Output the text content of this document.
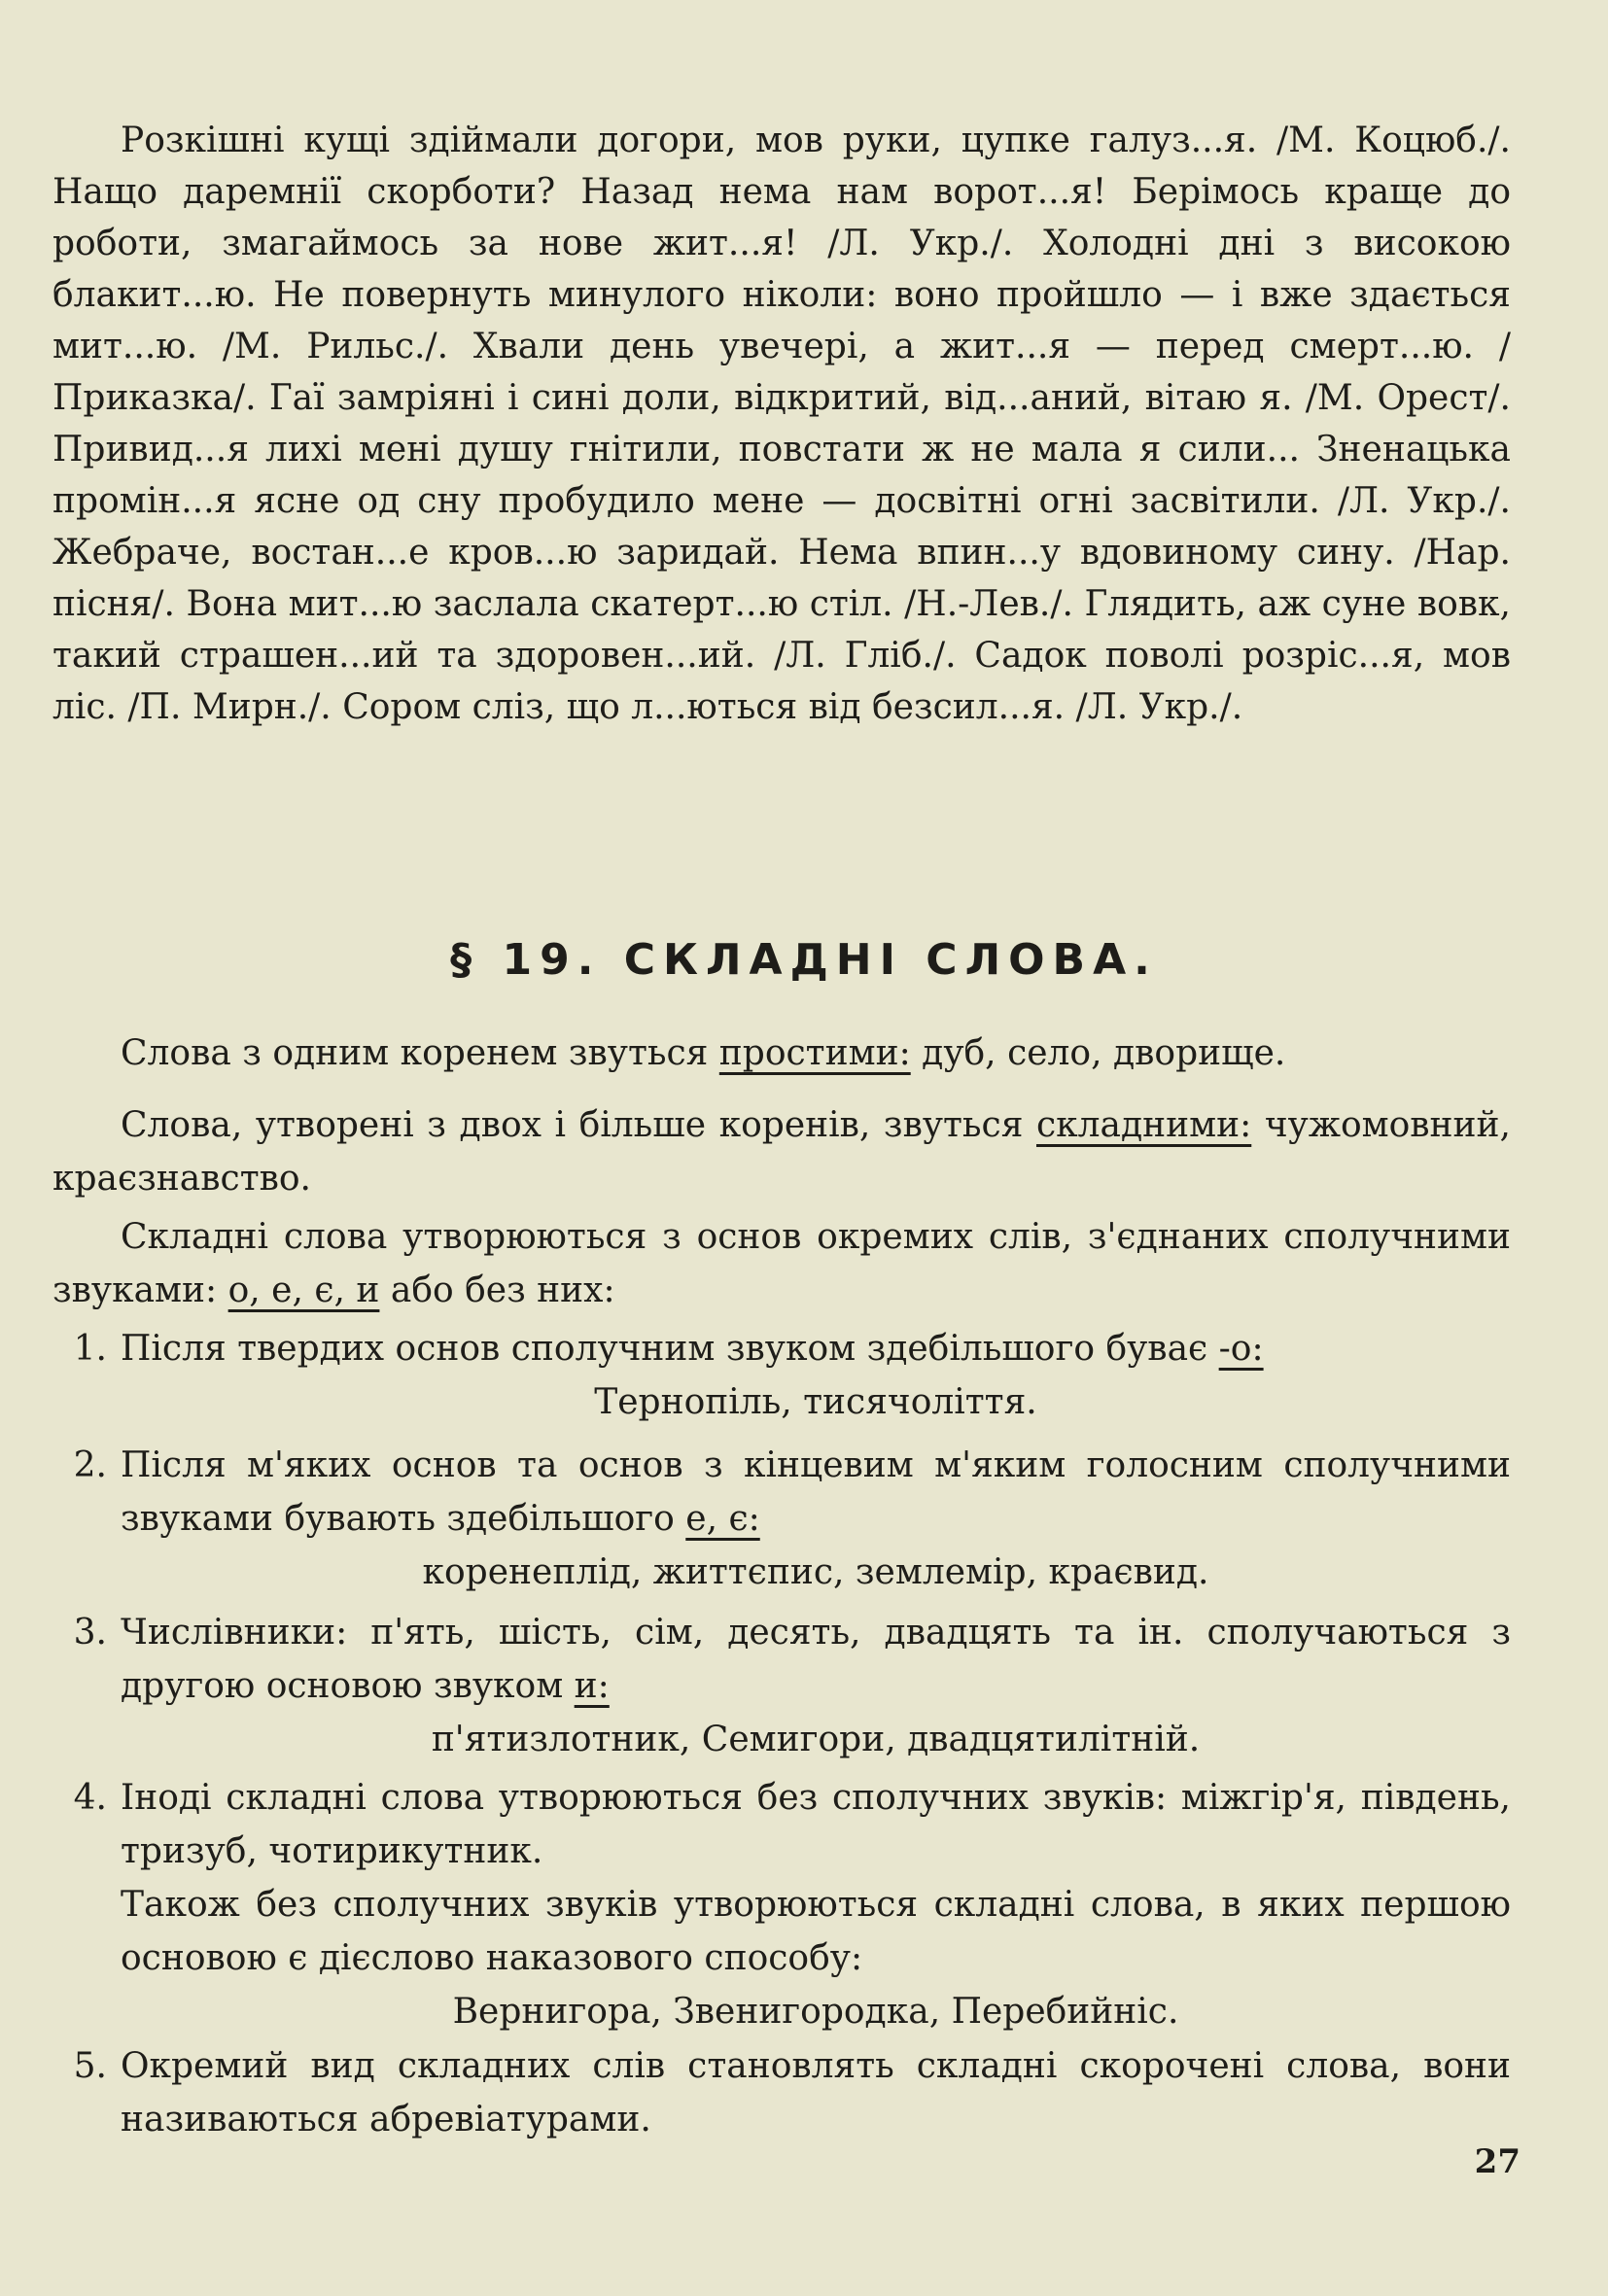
Розкішні кущі здіймали догори, мов руки, цупке галуз...я. /М. Коцюб./. Нащо даремнії скорботи? Назад нема нам ворот...я! Берімось краще до роботи, змагаймось за нове жит...я! /Л. Укр./. Холодні дні з високою блакит...ю. Не повернуть минулого ніколи: воно пройшло — і вже здається мит...ю. /М. Рильс./. Хвали день увечері, а жит...я — перед смерт...ю. /Приказка/. Гаї замріяні і сині доли, відкритий, від...аний, вітаю я. /М. Орест/. Привид...я лихі мені душу гнітили, повстати ж не мала я сили... Зненацька промін...я ясне од сну пробудило мене — досвітні огні засвітили. /Л. Укр./. Жебраче, востан...е кров...ю заридай. Нема впин...у вдовиному сину. /Нар. пісня/. Вона мит...ю заслала скатерт...ю стіл. /Н.-Лев./. Глядить, аж суне вовк, такий страшен...ий та здоровен...ий. /Л. Гліб./. Садок поволі розріс...я, мов ліс. /П. Мирн./. Сором сліз, що л...ються від безсил...я. /Л. Укр./.

§ 19. СКЛАДНІ СЛОВА.

Слова з одним коренем звуться простими: дуб, село, дворище.

Слова, утворені з двох і більше коренів, звуться складними: чужомовний, краєзнавство.

Складні слова утворюються з основ окремих слів, з'єднаних сполучними звуками: о, е, є, и або без них:

1. Після твердих основ сполучним звуком здебільшого буває -о:
Тернопіль, тисячоліття.
2. Після м'яких основ та основ з кінцевим м'яким голосним сполучними звуками бувають здебільшого е, є:
коренеплід, життєпис, землемір, краєвид.
3. Числівники: п'ять, шість, сім, десять, двадцять та ін. сполучаються з другою основою звуком и:
п'ятизлотник, Семигори, двадцятилітній.
4. Іноді складні слова утворюються без сполучних звуків: міжгір'я, південь, тризуб, чотирикутник.
Також без сполучних звуків утворюються складні слова, в яких першою основою є дієслово наказового способу:
Вернигора, Звенигородка, Перебийніс.
5. Окремий вид складних слів становлять складні скорочені слова, вони називаються абревіатурами.
27
